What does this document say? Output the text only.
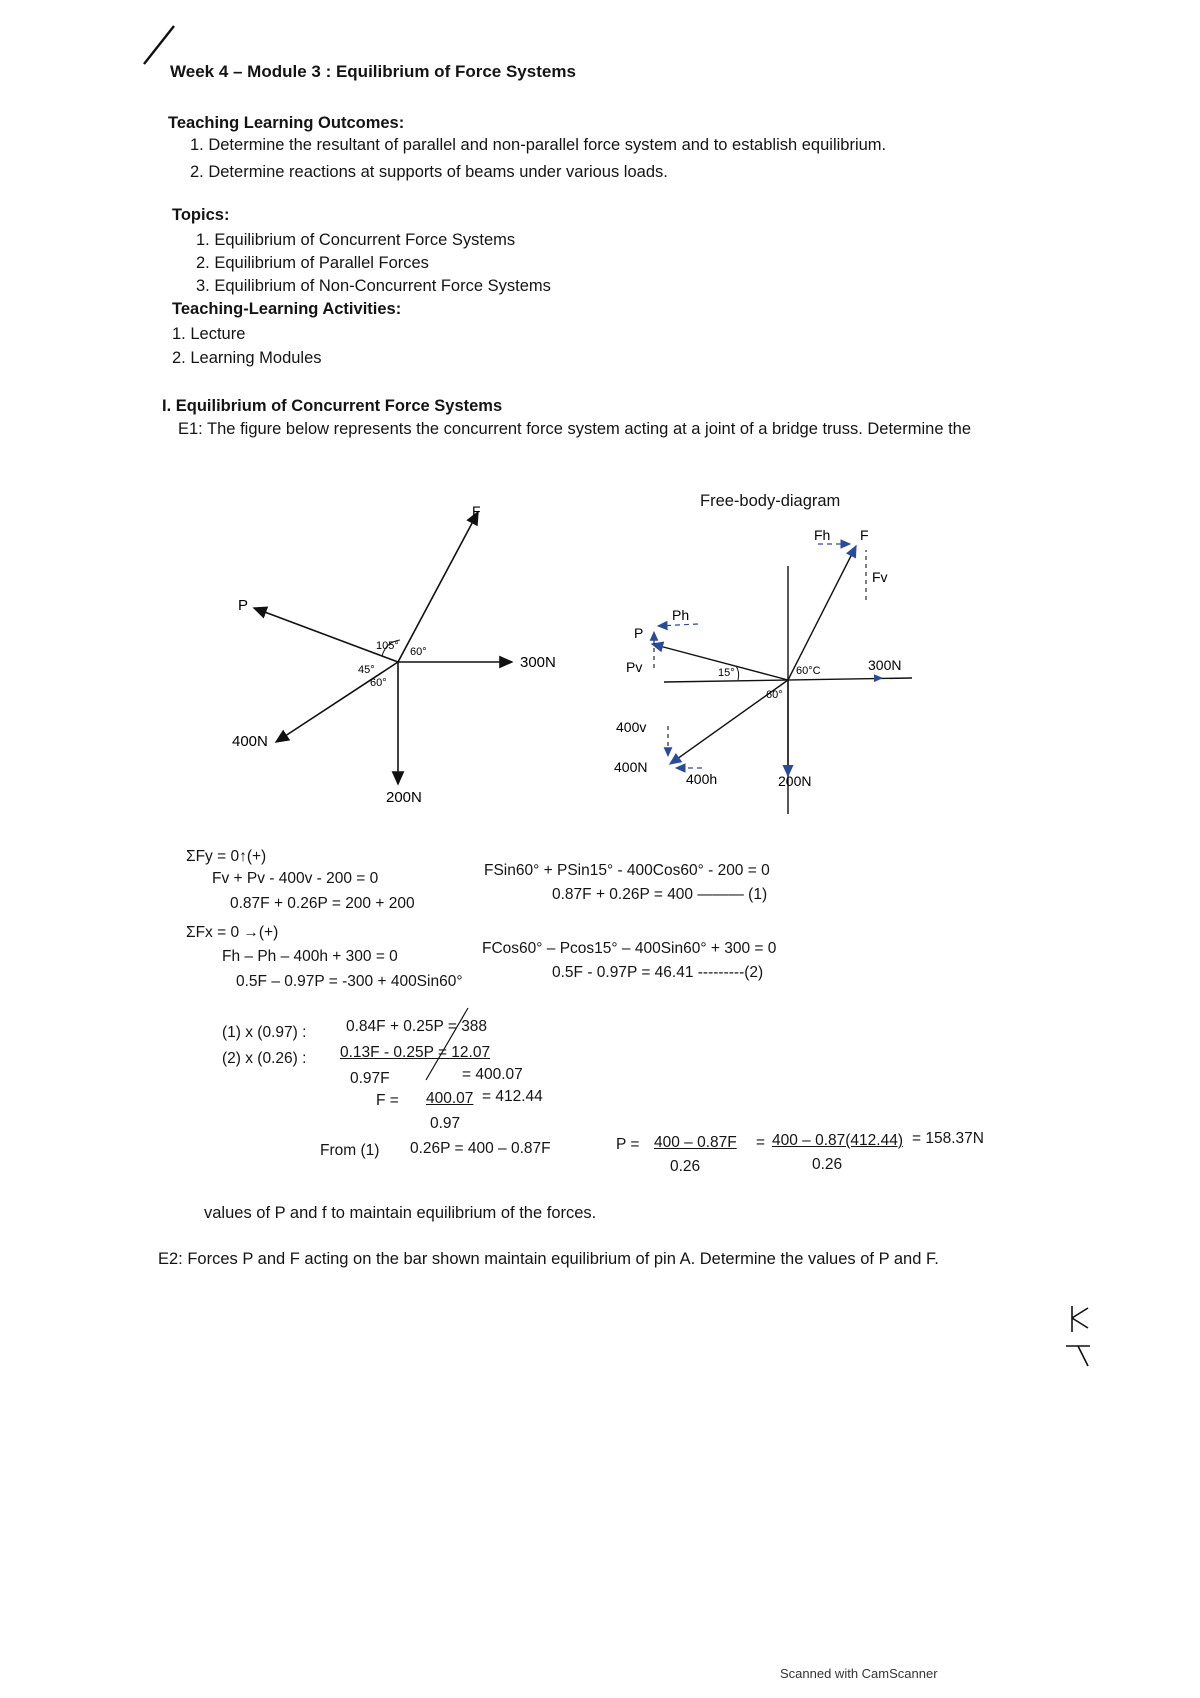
Week 4 – Module 3 : Equilibrium of Force Systems
Teaching Learning Outcomes:
1. Determine the resultant of parallel and non-parallel force system and to establish equilibrium.
2. Determine reactions at supports of beams under various loads.
Topics:
1. Equilibrium of Concurrent Force Systems
2. Equilibrium of Parallel Forces
3. Equilibrium of Non-Concurrent Force Systems
Teaching-Learning Activities:
1. Lecture
2. Learning Modules
I. Equilibrium of Concurrent Force Systems
E1: The figure below represents the concurrent force system acting at a joint of a bridge truss. Determine the
F
P
300N
400N
200N
105° 60°
45°
60°
Free-body-diagram
Fh F
Fv
Ph
P
Pv	15°	60°C	300N
60°
400v
400N
400h	200N
ΣFy = 0↑(+)
Fv + Pv - 400v - 200 = 0
0.87F + 0.26P = 200 + 200
FSin60° + PSin15° - 400Cos60° - 200 = 0
0.87F + 0.26P = 400 ——— (1)
ΣFx = 0 →(+)
Fh – Ph – 400h + 300 = 0
0.5F – 0.97P = -300 + 400Sin60°
FCos60° – Pcos15° – 400Sin60° + 300 = 0
0.5F - 0.97P = 46.41 ---------(2)
(1) x (0.97) :	0.84F + 0.25P = 388
(2) x (0.26) : 0.13F - 0.25P = 12.07
0.97F	= 400.07
F = 400.07 = 412.44
0.97
From (1) 0.26P = 400 – 0.87F	P = 400 – 0.87F = 400 – 0.87(412.44) = 158.37N
0.26	0.26
values of P and f to maintain equilibrium of the forces.
E2: Forces P and F acting on the bar shown maintain equilibrium of pin A. Determine the values of P and F.
Scanned with CamScanner
